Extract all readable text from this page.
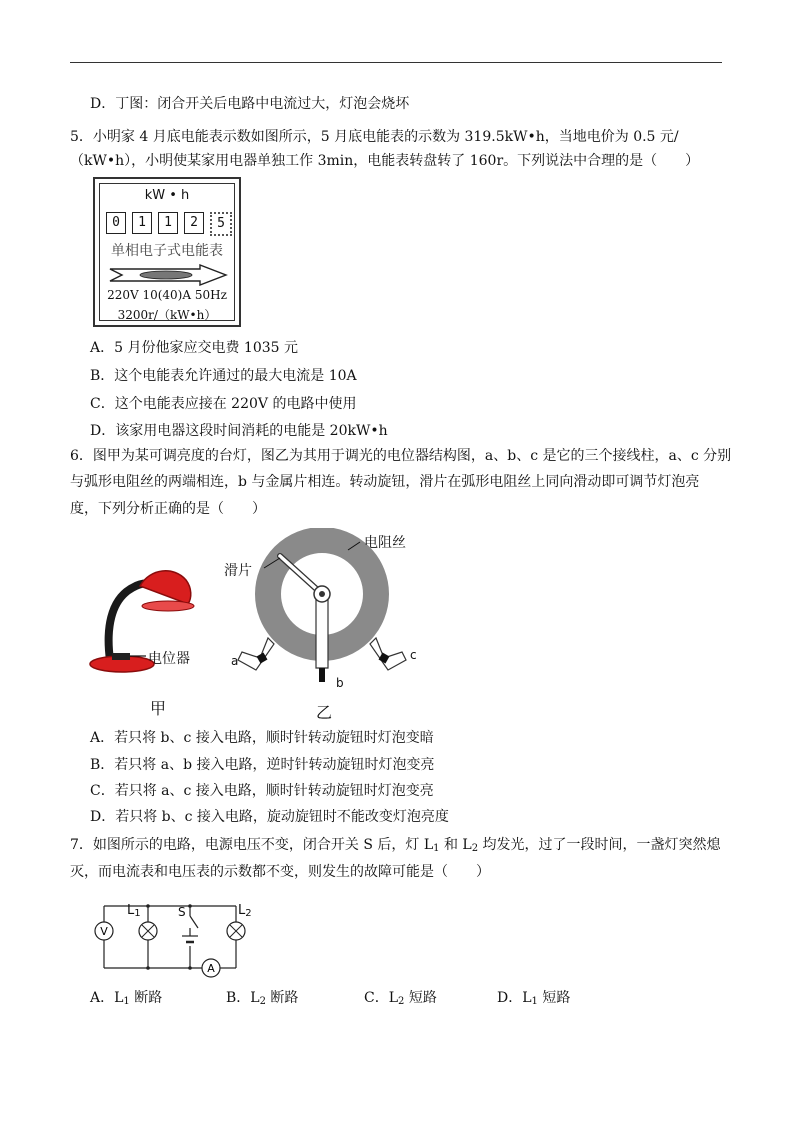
D．丁图：闭合开关后电路中电流过大，灯泡会烧坏
5．小明家 4 月底电能表示数如图所示，5 月底电能表的示数为 319.5kW•h，当地电价为 0.5 元/
（kW•h），小明使某家用电器单独工作 3min，电能表转盘转了 160r。下列说法中合理的是（　　）
kW • h
0	1	1	2	5
单相电子式电能表
220V 10(40)A 50Hz
3200r/（kW•h）
A．5 月份他家应交电费 1035 元
B．这个电能表允许通过的最大电流是 10A
C．这个电能表应接在 220V 的电路中使用
D．该家用电器这段时间消耗的电能是 20kW•h
6．图甲为某可调亮度的台灯，图乙为其用于调光的电位器结构图，a、b、c 是它的三个接线柱，a、c 分别
与弧形电阻丝的两端相连，b 与金属片相连。转动旋钮，滑片在弧形电阻丝上同向滑动即可调节灯泡亮
度，下列分析正确的是（　　）
电位器
甲
电阻丝
滑片
a
b
c
乙
A．若只将 b、c 接入电路，顺时针转动旋钮时灯泡变暗
B．若只将 a、b 接入电路，逆时针转动旋钮时灯泡变亮
C．若只将 a、c 接入电路，顺时针转动旋钮时灯泡变亮
D．若只将 b、c 接入电路，旋动旋钮时不能改变灯泡亮度
7．如图所示的电路，电源电压不变，闭合开关 S 后，灯 $L_1$ 和 $L_2$ 均发光，过了一段时间，一盏灯突然熄
灭，而电流表和电压表的示数都不变，则发生的故障可能是（　　）
V
A
S
$L_1$	$L_2$
A．$L_1$ 断路	B．$L_2$ 断路	C．$L_2$ 短路	D．$L_1$ 短路
